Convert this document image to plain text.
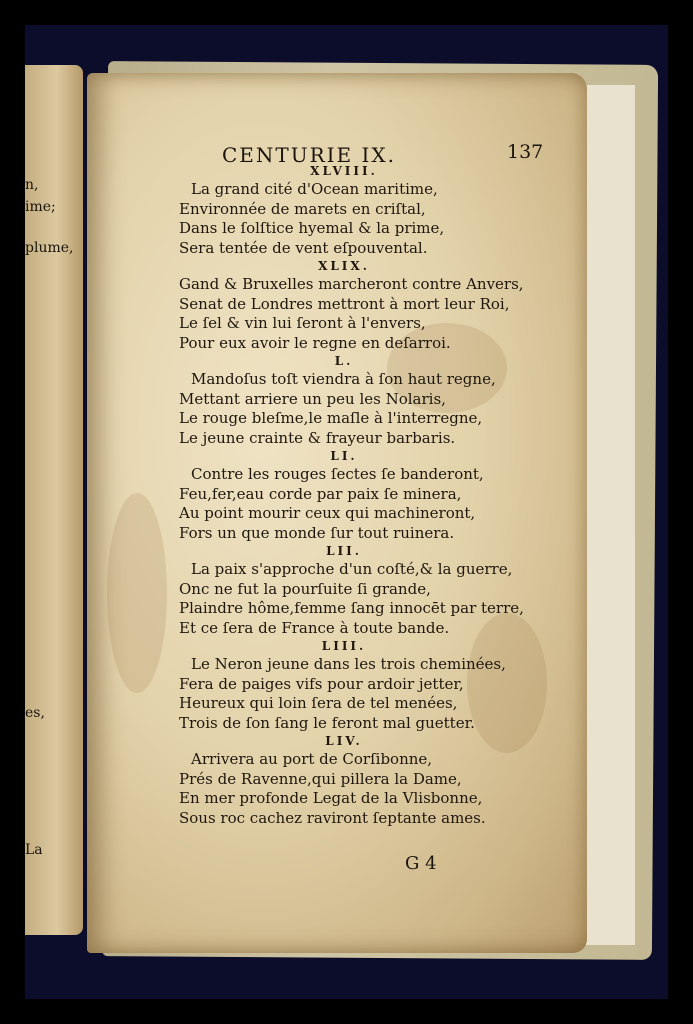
n,
ime;
plume,
es,
La
CENTURIE IX.	137
XLVIII.
La grand cité d'Ocean maritime,
Environnée de marets en criſtal,
Dans le ſolſtice hyemal & la prime,
Sera tentée de vent eſpouvental.
XLIX.
Gand & Bruxelles marcheront contre Anvers,
Senat de Londres mettront à mort leur Roi,
Le ſel & vin lui ſeront à l'envers,
Pour eux avoir le regne en deſarroi.
L.
Mandoſus toſt viendra à ſon haut regne,
Mettant arriere un peu les Nolaris,
Le rouge bleſme,le maſle à l'interregne,
Le jeune crainte & frayeur barbaris.
LI.
Contre les rouges ſectes ſe banderont,
Feu,fer,eau corde par paix ſe minera,
Au point mourir ceux qui machineront,
Fors un que monde ſur tout ruinera.
LII.
La paix s'approche d'un coſté,& la guerre,
Onc ne fut la pourſuite ſi grande,
Plaindre hôme,femme ſang innocēt par terre,
Et ce ſera de France à toute bande.
LIII.
Le Neron jeune dans les trois cheminées,
Fera de paiges vifs pour ardoir jetter,
Heureux qui loin ſera de tel menées,
Trois de ſon ſang le feront mal guetter.
LIV.
Arrivera au port de Corſibonne,
Prés de Ravenne,qui pillera la Dame,
En mer profonde Legat de la Vlisbonne,
Sous roc cachez raviront ſeptante ames.
G 4
